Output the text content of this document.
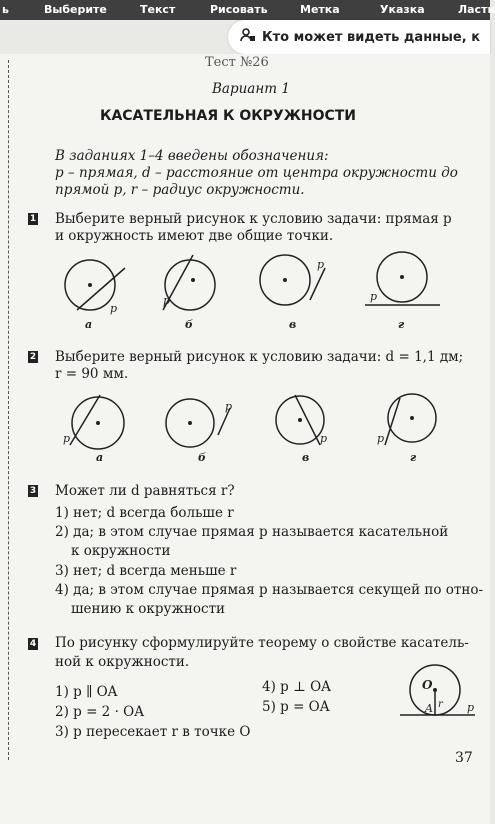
ь	Выберите	Текст	Рисовать	Метка	Указка	Ласти
Кто может видеть данные, к
Тест №26
Вариант 1
КАСАТЕЛЬНАЯ К ОКРУЖНОСТИ
В заданиях 1–4 введены обозначения:
p – прямая, d – расстояние от центра окружности до
прямой p, r – радиус окружности.
1 Выберите верный рисунок к условию задачи: прямая p
и окружность имеют две общие точки.
p
p
p
p
а	б	в	г
2 Выберите верный рисунок к условию задачи: d = 1,1 дм;
r = 90 мм.
p
p
p	p
а	б	в	г
3 Может ли d равняться r?
1) нет; d всегда больше r
2) да; в этом случае прямая p называется касательной
к окружности
3) нет; d всегда меньше r
4) да; в этом случае прямая p называется секущей по отно-
шению к окружности
4 По рисунку сформулируйте теорему о свойстве касатель-
ной к окружности.
1) p ∥ OA
2) p = 2 · OA
3) p пересекает r в точке O
4) p ⊥ OA
5) p = OA
O
A r p
37
